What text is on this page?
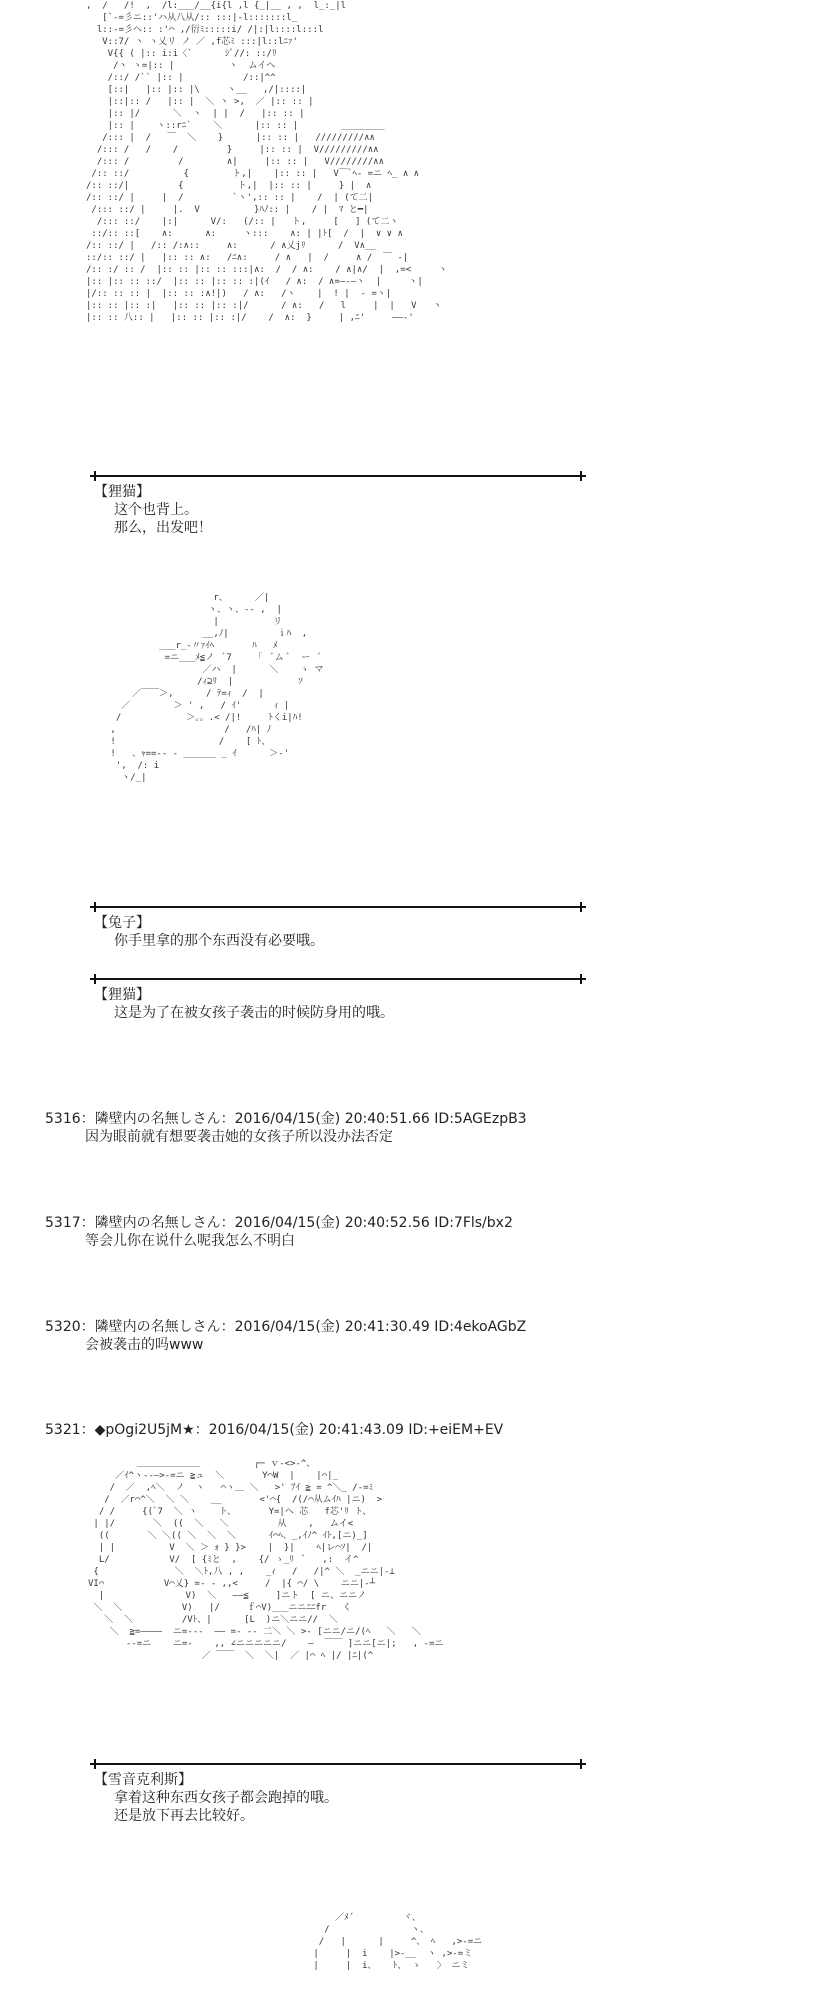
,  /   /!  ,  /l:___/__{i{l ,l {_|__ , ,  l_:_|l
[`-=彡ニ::'ハ从八从/:: :::|-l:::::::l_
l::-=彡ヘ:: :'⌒ ,/衍ﾐ:::::i/ /|:|l::::l:::l
V::7/ ヽ ヽ乂リ ノ ／ ,f芯ﾐ :::|l::lﾆｧ'
V{{ ( |:: i:i〈`      ｼﾞ//: ::/ﾘ
/ヽ ヽ=|:: |          ヽ  ムイヘ
/::/ /`` |:: |           /::|^^
[::|   |:: |:: |\     ヽ__   ,/|::::|
|::|:: /   |:: |  ＼ ヽ >,  ／ |:: :: |
|:: |/      ＼  ヽ  | |  /   |:: :: |
|:: |    ヽ::rﾆ`    ＼      |:: :: |        ________
/::: |  /   ￣  ＼    }      |:: :: |   /////////∧∧
/::: /   /    /         }     |:: :: |  V/////////∧∧
/::: /         /        ∧|     |:: :: |   V////////∧∧
/:: ::/          {        ト,|    |:: :: |   V￣ﾞﾍ- =ニ ﾍ_ ∧ ∧
/:: ::/|         {          ト,|  |:: :: |     } |  ∧
/:: ::/ |     |  /         `ヽ',:: :: |    /  | (て二|
/::: ::/ |     |.  V          }ﾊﾉ:: |    / |  ﾏ と━|
/::: ::/    |:|      V/:   (/:: |   ト,     [   ] (て二ヽ
::/:: ::[    ∧:      ∧:     ヽ:::    ∧: | |ﾄ[  /  |  ∨ ∨ ∧
/:: ::/ |   /:: /:∧::     ∧:      / ∧乂jﾘ      /  V∧__
::/:: ::/ |   |:: :: ∧:   /ﾆ∧:     / ∧   |  /     ∧ /  ￣ -|
/:: :/ :: /  |:: :: |:: :: :::|∧:  /  / ∧:    / ∧|∧/  |  ,=<     ヽ
|:: |:: :: ::/  |:: :: |:: :: :|(ｲ   / ∧:  / ∧=―‐―ヽ  |     ヽ|
|/:: :: :: |  |:: :: :∧!|)   / ∧:   /ヽ    |  ! |  - =ヽ|
|:: :: |:: :|   |:: :: |:: :|/      / ∧:   /   l     |  |   V   ヽ
|:: :: 八:: |   |:: :: |:: :|/    /  ∧:  }     | ,ﾆ'     ――-'
【狸猫】
这个也背上。
那么，出发吧！
r、     ／|
ヽ、ヽ、-- ,  |
|          リ
__,ﾉ|         ｉﾊ  ,
___r_-〃ｧｲﾍ       ﾊ   ﾒ
=ニ___ﾒ≦ノ  ﾞ7    「  ﾞム ﾞ  ー ´
／ハ  |      ＼    ゝ マ
/ｨ⊇ﾘ  |            ｿ
／￣￣＞,      / ﾃ=ｨ  /  |
／        ＞ ' ,   / ｲ'      ｨ |
/            ＞。。.< /|!     ﾄくi|ﾊ!
,                    /   /ﾊ| ﾉ
!                   /    [ ﾄ、
!   、ｬ==-- - ______ _ ｲ      ＞-'
',  /: i
ヽ/_|
【兔子】
你手里拿的那个东西没有必要哦。
【狸猫】
这是为了在被女孩子袭击的时候防身用的哦。
5316：隣壁内の名無しさん：2016/04/15(金) 20:40:51.66 ID:5AGEzpB3
因为眼前就有想要袭击她的女孩子所以没办法否定
5317：隣壁内の名無しさん：2016/04/15(金) 20:40:52.56 ID:7Fls/bx2
等会儿你在说什么呢我怎么不明白
5320：隣壁内の名無しさん：2016/04/15(金) 20:41:30.49 ID:4ekoAGbZ
会被袭击的吗www
5321：◆pOgi2U5jM★：2016/04/15(金) 20:41:43.09 ID:+eiEM+EV
＿＿＿＿＿＿＿          ┌─ ｖ-<>-^、
／ｲ^ヽ--―>-=ニ ≧ュ  ＼       Y⌒W  |    |⌒|_
/  ／  ,ﾍ＼  ノ  ヽ   ⌒ヽ＿ ＼   >' ｱｲ ≧ = ^＼_ /-=ﾐ
/  ／r⌒^＼  ＼ ＼    __       <'⌒{  /(/⌒从ムｲﾊ |ニ)  >
/ /     {(ﾞ7  ＼ ヽ    ト、      Y=|ヘ 芯   f芯'ﾘ ト、
| |/       ＼  ((  ＼   ＼         从    ,   ムイ<
((       ＼ ＼(( ＼  ＼  ＼      ｲ⌒ﾍ、_,ｲﾉ^ ｲﾄ,[ニ)_]
| |          V  ＼ ＞ ｫ } }>    |  }|    ﾍ|レ⌒ｿ|  /|
L/           V/  [ {ﾐと  ,    {/ ゝ_ﾘ  ﾞ   ,:  イ^
{              ＼  ＼ﾄ,八 , ,    _ｨ   /   /|^ ＼  _ニニ|‐⊥
VI⌒           V⌒乂} =- - ,,<     /  |{ ⌒/ \    ニニ|-┴
|               V)  ＼   ――≦     ]ニト  [ ニ、ニニノ
＼  ＼           V)   |/     ｆ⌒V)___ニニﾆﾆfr   く
＼  ＼         /Vﾄ、|      [L  )ニ＼ニニ//  ＼
＼  ≧=――――  ニ=-‐‐  ―― =- ‐- 二＼ ＼ >- [ニニ/ニ/(ﾍ   ＼   ＼
--=ニ    ニ=-    ,, ∠ニニニニニ/    ―  ￣￣ ]ニニ[ニ|;   , -=ニ
／ ￣￣  ＼  ＼|  ／ |⌒ ﾍ |/ |ﾆ|(^
【雪音克利斯】
拿着这种东西女孩子都会跑掉的哦。
还是放下再去比较好。
／ﾒ´         ヾ、
/               ヽ、
/   |      |     ^、 ﾍ   ,>-=ニ
|     |  i    |>-__  ヽ ,>-=ミ
|     |  i、   ﾄ、 ゝ   〉 ニミ
